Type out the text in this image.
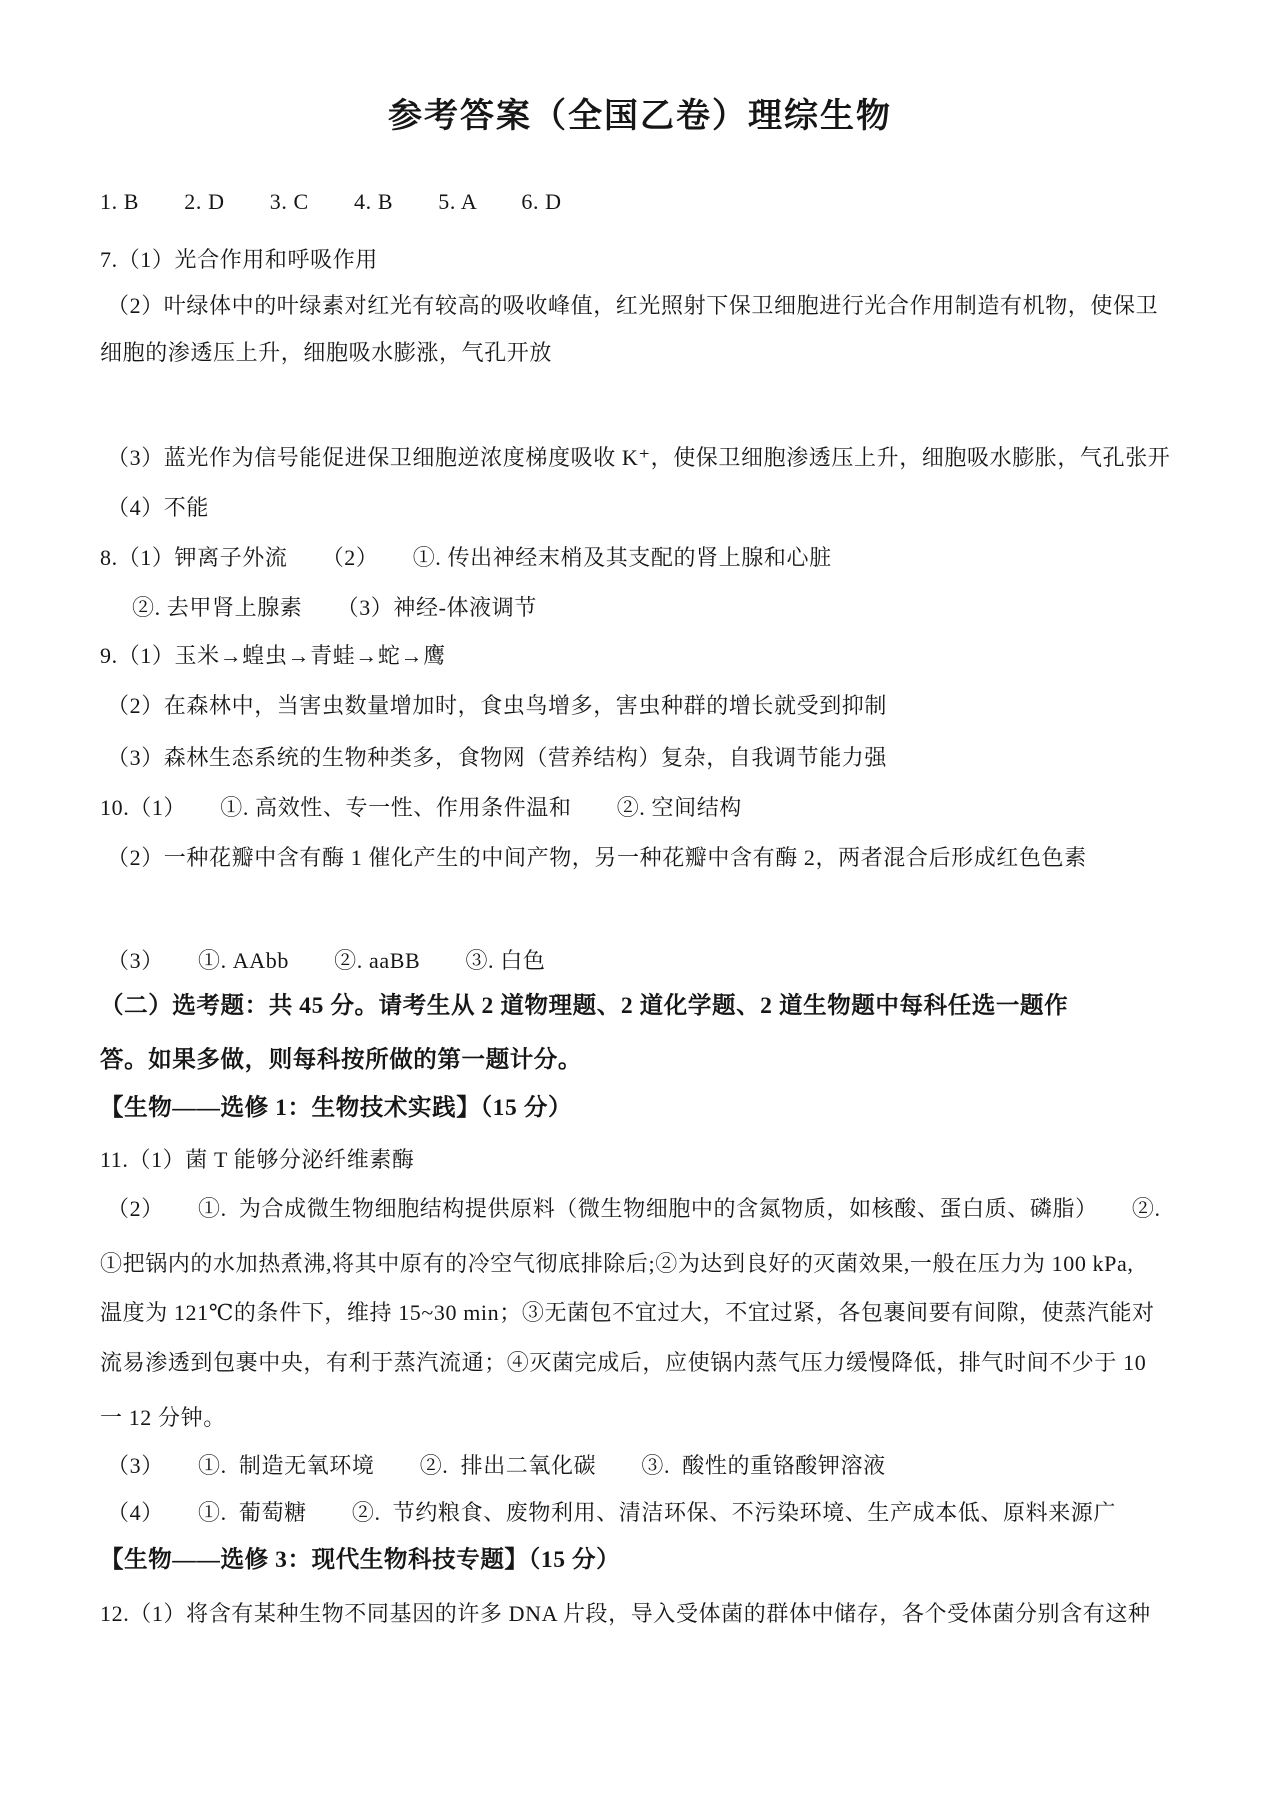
参考答案（全国乙卷）理综生物
1. B　　2. D　　3. C　　4. B　　5. A　　6. D
7.（1）光合作用和呼吸作用
（2）叶绿体中的叶绿素对红光有较高的吸收峰值，红光照射下保卫细胞进行光合作用制造有机物，使保卫
细胞的渗透压上升，细胞吸水膨涨，气孔开放
（3）蓝光作为信号能促进保卫细胞逆浓度梯度吸收 K⁺，使保卫细胞渗透压上升，细胞吸水膨胀，气孔张开
（4）不能
8.（1）钾离子外流　　（2）　　①. 传出神经末梢及其支配的肾上腺和心脏
②. 去甲肾上腺素　　（3）神经-体液调节
9.（1）玉米→蝗虫→青蛙→蛇→鹰
（2）在森林中，当害虫数量增加时，食虫鸟增多，害虫种群的增长就受到抑制
（3）森林生态系统的生物种类多，食物网（营养结构）复杂，自我调节能力强
10.（1）　　①. 高效性、专一性、作用条件温和　　②. 空间结构
（2）一种花瓣中含有酶 1 催化产生的中间产物，另一种花瓣中含有酶 2，两者混合后形成红色色素
（3）　　①. AAbb　　②. aaBB　　③. 白色
（二）选考题：共 45 分。请考生从 2 道物理题、2 道化学题、2 道生物题中每科任选一题作
答。如果多做，则每科按所做的第一题计分。
【生物——选修 1：生物技术实践】（15 分）
11.（1）菌 T 能够分泌纤维素酶
（2）　　①.  为合成微生物细胞结构提供原料（微生物细胞中的含氮物质，如核酸、蛋白质、磷脂）　　②.
①把锅内的水加热煮沸,将其中原有的冷空气彻底排除后;②为达到良好的灭菌效果,一般在压力为 100 kPa,
温度为 121℃的条件下，维持 15~30 min；③无菌包不宜过大，不宜过紧，各包裹间要有间隙，使蒸汽能对
流易渗透到包裹中央，有利于蒸汽流通；④灭菌完成后，应使锅内蒸气压力缓慢降低，排气时间不少于 10
一 12 分钟。
（3）　　①.  制造无氧环境　　②.  排出二氧化碳　　③.  酸性的重铬酸钾溶液
（4）　　①.  葡萄糖　　②.  节约粮食、废物利用、清洁环保、不污染环境、生产成本低、原料来源广
【生物——选修 3：现代生物科技专题】（15 分）
12.（1）将含有某种生物不同基因的许多 DNA 片段，导入受体菌的群体中储存，各个受体菌分别含有这种
